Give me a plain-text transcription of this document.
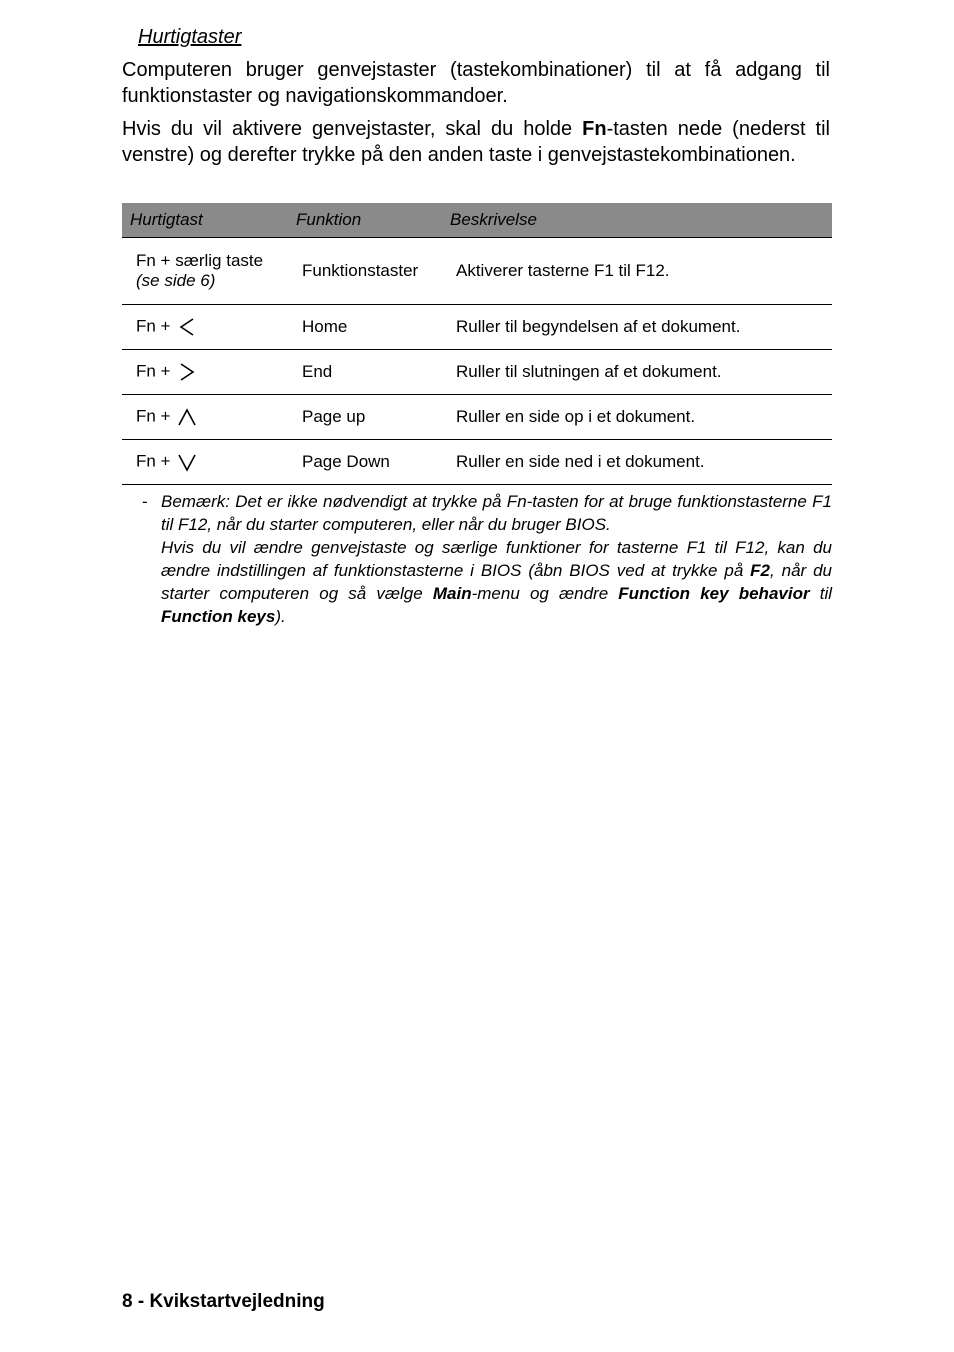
Hurtigtaster

Computeren bruger genvejstaster (tastekombinationer) til at få adgang til funktionstaster og navigationskommandoer.

Hvis du vil aktivere genvejstaster, skal du holde Fn-tasten nede (nederst til venstre) og derefter trykke på den anden taste i genvejstastekombinationen.

Hurtigtast	Funktion	Beskrivelse
Fn + særlig taste
(se side 6)	Funktionstaster	Aktiverer tasterne F1 til F12.
Fn +	Home	Ruller til begyndelsen af et dokument.
Fn +	End	Ruller til slutningen af et dokument.
Fn +	Page up	Ruller en side op i et dokument.
Fn +	Page Down	Ruller en side ned i et dokument.
- Bemærk: Det er ikke nødvendigt at trykke på Fn-tasten for at bruge funktionstasterne F1 til F12, når du starter computeren, eller når du bruger BIOS.
Hvis du vil ændre genvejstaste og særlige funktioner for tasterne F1 til F12, kan du ændre indstillingen af funktionstasterne i BIOS (åbn BIOS ved at trykke på F2, når du starter computeren og så vælge Main-menu og ændre Function key behavior til Function keys).
8 - Kvikstartvejledning
